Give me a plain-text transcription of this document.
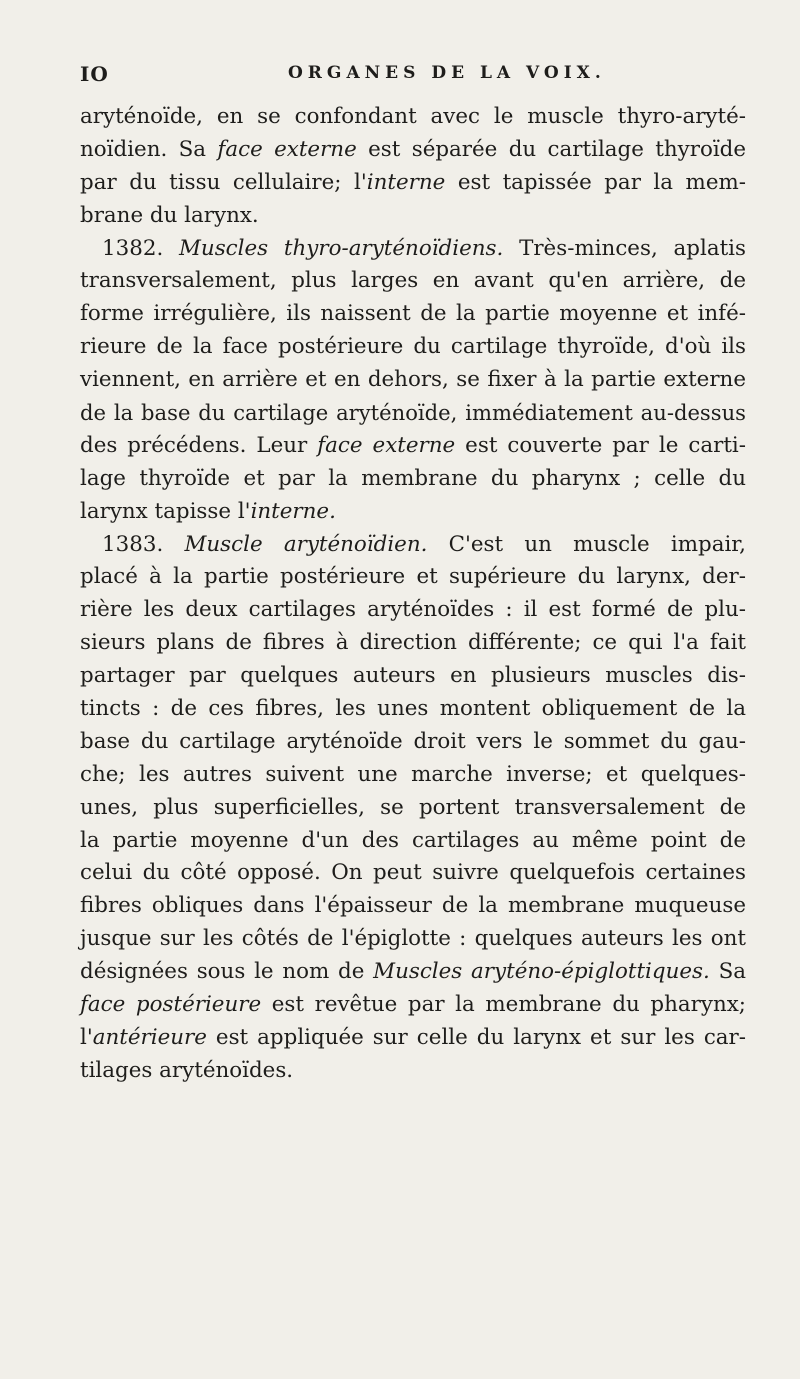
IO	ORGANES DE LA VOIX.
aryténoïde, en se confondant avec le muscle thyro-aryté-
noïdien. Sa face externe est séparée du cartilage thyroïde
par du tissu cellulaire; l'interne est tapissée par la mem-
brane du larynx.
1382. Muscles thyro-aryténoïdiens. Très-minces, aplatis
transversalement, plus larges en avant qu'en arrière, de
forme irrégulière, ils naissent de la partie moyenne et infé-
rieure de la face postérieure du cartilage thyroïde, d'où ils
viennent, en arrière et en dehors, se fixer à la partie externe
de la base du cartilage aryténoïde, immédiatement au-dessus
des précédens. Leur face externe est couverte par le carti-
lage thyroïde et par la membrane du pharynx ; celle du
larynx tapisse l'interne.
1383. Muscle aryténoïdien. C'est un muscle impair,
placé à la partie postérieure et supérieure du larynx, der-
rière les deux cartilages aryténoïdes : il est formé de plu-
sieurs plans de fibres à direction différente; ce qui l'a fait
partager par quelques auteurs en plusieurs muscles dis-
tincts : de ces fibres, les unes montent obliquement de la
base du cartilage aryténoïde droit vers le sommet du gau-
che; les autres suivent une marche inverse; et quelques-
unes, plus superficielles, se portent transversalement de
la partie moyenne d'un des cartilages au même point de
celui du côté opposé. On peut suivre quelquefois certaines
fibres obliques dans l'épaisseur de la membrane muqueuse
jusque sur les côtés de l'épiglotte : quelques auteurs les ont
désignées sous le nom de Muscles aryténo-épiglottiques. Sa
face postérieure est revêtue par la membrane du pharynx;
l'antérieure est appliquée sur celle du larynx et sur les car-
tilages aryténoïdes.
